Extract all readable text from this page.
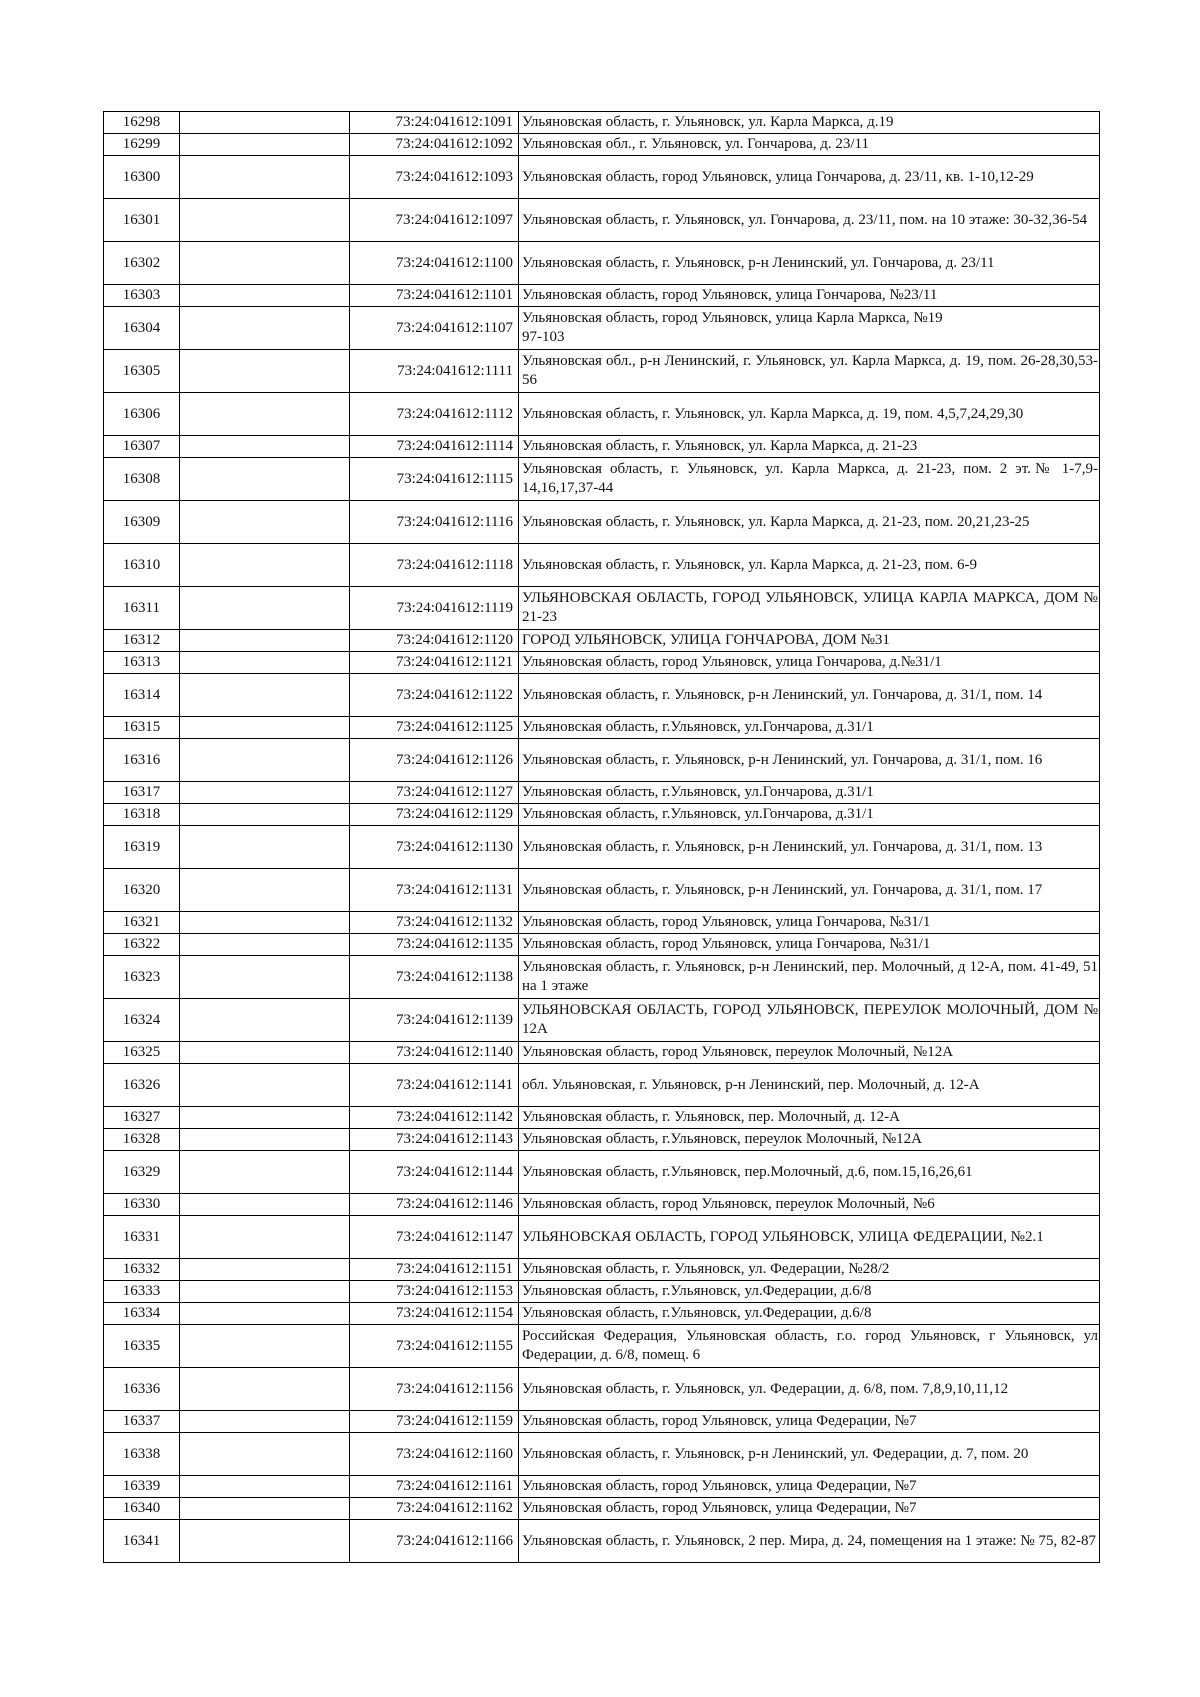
16298		73:24:041612:1091	Ульяновская область, г. Ульяновск, ул. Карла Маркса, д.19
16299		73:24:041612:1092	Ульяновская обл., г. Ульяновск, ул. Гончарова, д. 23/11
16300		73:24:041612:1093	Ульяновская область, город Ульяновск, улица Гончарова, д. 23/11, кв. 1-10,12-29
16301		73:24:041612:1097	Ульяновская область, г. Ульяновск, ул. Гончарова, д. 23/11, пом. на 10 этаже: 30-32,36-54
16302		73:24:041612:1100	Ульяновская область, г. Ульяновск, р-н Ленинский, ул. Гончарова, д. 23/11
16303		73:24:041612:1101	Ульяновская область, город Ульяновск, улица Гончарова, №23/11
16304		73:24:041612:1107	Ульяновская область, город Ульяновск, улица Карла Маркса, №19
97-103
16305		73:24:041612:1111	Ульяновская обл., р-н Ленинский, г. Ульяновск, ул. Карла Маркса, д. 19, пом. 26-28,30,53-56
16306		73:24:041612:1112	Ульяновская область, г. Ульяновск, ул. Карла Маркса, д. 19, пом. 4,5,7,24,29,30
16307		73:24:041612:1114	Ульяновская область, г. Ульяновск, ул. Карла Маркса, д. 21-23
16308		73:24:041612:1115	Ульяновская область, г. Ульяновск, ул. Карла Маркса, д. 21-23, пом. 2 эт.№ 1-7,9-14,16,17,37-44
16309		73:24:041612:1116	Ульяновская область, г. Ульяновск, ул. Карла Маркса, д. 21-23, пом. 20,21,23-25
16310		73:24:041612:1118	Ульяновская область, г. Ульяновск, ул. Карла Маркса, д. 21-23, пом. 6-9
16311		73:24:041612:1119	УЛЬЯНОВСКАЯ ОБЛАСТЬ, ГОРОД УЛЬЯНОВСК, УЛИЦА КАРЛА МАРКСА, ДОМ № 21-23
16312		73:24:041612:1120	ГОРОД УЛЬЯНОВСК, УЛИЦА ГОНЧАРОВА, ДОМ №31
16313		73:24:041612:1121	Ульяновская область, город Ульяновск, улица Гончарова, д.№31/1
16314		73:24:041612:1122	Ульяновская область, г. Ульяновск, р-н Ленинский, ул. Гончарова, д. 31/1, пом. 14
16315		73:24:041612:1125	Ульяновская область, г.Ульяновск, ул.Гончарова, д.31/1
16316		73:24:041612:1126	Ульяновская область, г. Ульяновск, р-н Ленинский, ул. Гончарова, д. 31/1, пом. 16
16317		73:24:041612:1127	Ульяновская область, г.Ульяновск, ул.Гончарова, д.31/1
16318		73:24:041612:1129	Ульяновская область, г.Ульяновск, ул.Гончарова, д.31/1
16319		73:24:041612:1130	Ульяновская область, г. Ульяновск, р-н Ленинский, ул. Гончарова, д. 31/1, пом. 13
16320		73:24:041612:1131	Ульяновская область, г. Ульяновск, р-н Ленинский, ул. Гончарова, д. 31/1, пом. 17
16321		73:24:041612:1132	Ульяновская область, город Ульяновск, улица Гончарова, №31/1
16322		73:24:041612:1135	Ульяновская область, город Ульяновск, улица Гончарова, №31/1
16323		73:24:041612:1138	Ульяновская область, г. Ульяновск, р-н Ленинский, пер. Молочный, д 12-А, пом. 41-49, 51 на 1 этаже
16324		73:24:041612:1139	УЛЬЯНОВСКАЯ ОБЛАСТЬ, ГОРОД УЛЬЯНОВСК, ПЕРЕУЛОК МОЛОЧНЫЙ, ДОМ № 12А
16325		73:24:041612:1140	Ульяновская область, город Ульяновск, переулок Молочный, №12А
16326		73:24:041612:1141	обл. Ульяновская, г. Ульяновск, р-н Ленинский, пер. Молочный, д. 12-А
16327		73:24:041612:1142	Ульяновская область, г. Ульяновск, пер. Молочный, д. 12-А
16328		73:24:041612:1143	Ульяновская область, г.Ульяновск, переулок Молочный, №12А
16329		73:24:041612:1144	Ульяновская область, г.Ульяновск, пер.Молочный, д.6, пом.15,16,26,61
16330		73:24:041612:1146	Ульяновская область, город Ульяновск, переулок Молочный, №6
16331		73:24:041612:1147	УЛЬЯНОВСКАЯ ОБЛАСТЬ, ГОРОД УЛЬЯНОВСК, УЛИЦА ФЕДЕРАЦИИ, №2.1
16332		73:24:041612:1151	Ульяновская область, г. Ульяновск, ул. Федерации, №28/2
16333		73:24:041612:1153	Ульяновская область, г.Ульяновск, ул.Федерации, д.6/8
16334		73:24:041612:1154	Ульяновская область, г.Ульяновск, ул.Федерации, д.6/8
16335		73:24:041612:1155	Российская Федерация, Ульяновская область, г.о. город Ульяновск, г Ульяновск, ул Федерации, д. 6/8, помещ. 6
16336		73:24:041612:1156	Ульяновская область, г. Ульяновск, ул. Федерации, д. 6/8, пом. 7,8,9,10,11,12
16337		73:24:041612:1159	Ульяновская область, город Ульяновск, улица Федерации, №7
16338		73:24:041612:1160	Ульяновская область, г. Ульяновск, р-н Ленинский, ул. Федерации, д. 7, пом. 20
16339		73:24:041612:1161	Ульяновская область, город Ульяновск, улица Федерации, №7
16340		73:24:041612:1162	Ульяновская область, город Ульяновск, улица Федерации, №7
16341		73:24:041612:1166	Ульяновская область, г. Ульяновск, 2 пер. Мира, д. 24, помещения на 1 этаже: № 75, 82-87
